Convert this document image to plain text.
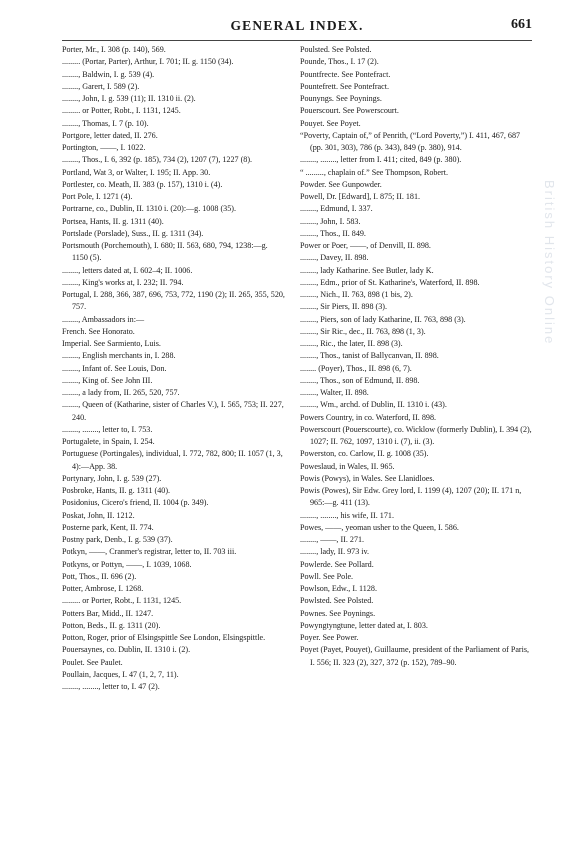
GENERAL INDEX.	661
Porter, Mr., I. 308 (p. 140), 569.
......... (Portar, Parter), Arthur, I. 701; II. g. 1150 (34).
........, Baldwin, I. g. 539 (4).
........, Garert, I. 589 (2).
........, John, I. g. 539 (11); II. 1310 ii. (2).
......... or Potter, Robt., I. 1131, 1245.
........, Thomas, I. 7 (p. 10).
Portgore, letter dated, II. 276.
Portington, ——, I. 1022.
........, Thos., I. 6, 392 (p. 185), 734 (2), 1207 (7), 1227 (8).
Portland, Wat 3, or Walter, I. 195; II. App. 30.
Portlester, co. Meath, II. 383 (p. 157), 1310 i. (4).
Port Pole, I. 1271 (4).
Portrarne, co., Dublin, II. 1310 i. (20):—g. 1008 (35).
Portsea, Hants, II. g. 1311 (40).
Portslade (Porslade), Suss., II. g. 1311 (34).
Portsmouth (Porchemouth), I. 680; II. 563, 680, 794, 1238:—g. 1150 (5).
........, letters dated at, I. 602–4; II. 1006.
........, King's works at, I. 232; II. 794.
Portugal, I. 288, 366, 387, 696, 753, 772, 1190 (2); II. 265, 355, 520, 757.
........, Ambassadors in:—
French. See Honorato.
Imperial. See Sarmiento, Luis.
........, English merchants in, I. 288.
........, Infant of. See Louis, Don.
........, King of. See John III.
........, a lady from, II. 265, 520, 757.
........, Queen of (Katharine, sister of Charles V.), I. 565, 753; II. 227, 240.
........, ........, letter to, I. 753.
Portugalete, in Spain, I. 254.
Portuguese (Portingales), individual, I. 772, 782, 800; II. 1057 (1, 3, 4):—App. 38.
Portynary, John, I. g. 539 (27).
Posbroke, Hants, II. g. 1311 (40).
Posidonius, Cicero's friend, II. 1004 (p. 349).
Poskat, John, II. 1212.
Posterne park, Kent, II. 774.
Postny park, Denb., I. g. 539 (37).
Potkyn, ——, Cranmer's registrar, letter to, II. 703 iii.
Potkyns, or Pottyn, ——, I. 1039, 1068.
Pott, Thos., II. 696 (2).
Potter, Ambrose, I. 1268.
......... or Porter, Robt., I. 1131, 1245.
Potters Bar, Midd., II. 1247.
Potton, Beds., II. g. 1311 (20).
Potton, Roger, prior of Elsingspittle See London, Elsingspittle.
Pouersaynes, co. Dublin, II. 1310 i. (2).
Poulet. See Paulet.
Poullain, Jacques, I. 47 (1, 2, 7, 11).
........, ........, letter to, I. 47 (2).
Poulsted. See Polsted.
Pounde, Thos., I. 17 (2).
Pountfrecte. See Pontefract.
Pountefrett. See Pontefract.
Pounyngs. See Poynings.
Pouerscourt. See Powerscourt.
Pouyet. See Poyet.
“Poverty, Captain of,” of Penrith, (“Lord Poverty,”) I. 411, 467, 687 (pp. 301, 303), 786 (p. 343), 849 (p. 380), 914.
........, ........, letter from I. 411; cited, 849 (p. 380).
“ ........., chaplain of.” See Thompson, Robert.
Powder. See Gunpowder.
Powell, Dr. [Edward], I. 875; II. 181.
........, Edmund, I. 337.
........, John, I. 583.
........, Thos., II. 849.
Power or Poer, ——, of Denvill, II. 898.
........, Davey, II. 898.
........, lady Katharine. See Butler, lady K.
........, Edm., prior of St. Katharine's, Waterford, II. 898.
........, Nich., II. 763, 898 (1 bis, 2).
........, Sir Piers, II. 898 (3).
........, Piers, son of lady Katharine, II. 763, 898 (3).
........, Sir Ric., dec., II. 763, 898 (1, 3).
........, Ric., the later, II. 898 (3).
........, Thos., tanist of Ballycanvan, II. 898.
........ (Poyer), Thos., II. 898 (6, 7).
........, Thos., son of Edmund, II. 898.
........, Walter, II. 898.
........, Wm., archd. of Dublin, II. 1310 i. (43).
Powers Country, in co. Waterford, II. 898.
Powerscourt (Pouerscourte), co. Wicklow (formerly Dublin), I. 394 (2), 1027; II. 762, 1097, 1310 i. (7), ii. (3).
Powerston, co. Carlow, II. g. 1008 (35).
Poweslaud, in Wales, II. 965.
Powis (Powys), in Wales. See Llanidloes.
Powis (Powes), Sir Edw. Grey lord, I. 1199 (4), 1207 (20); II. 171 n, 965:—g. 411 (13).
........, ........, his wife, II. 171.
Powes, ——, yeoman usher to the Queen, I. 586.
........, ——, II. 271.
........, lady, II. 973 iv.
Powlerde. See Pollard.
Powll. See Pole.
Powlson, Edw., I. 1128.
Powlsted. See Polsted.
Pownes. See Poynings.
Powyngtyngtune, letter dated at, I. 803.
Poyer. See Power.
Poyet (Payet, Pouyet), Guillaume, president of the Parliament of Paris, I. 556; II. 323 (2), 327, 372 (p. 152), 789–90.
British History Online
